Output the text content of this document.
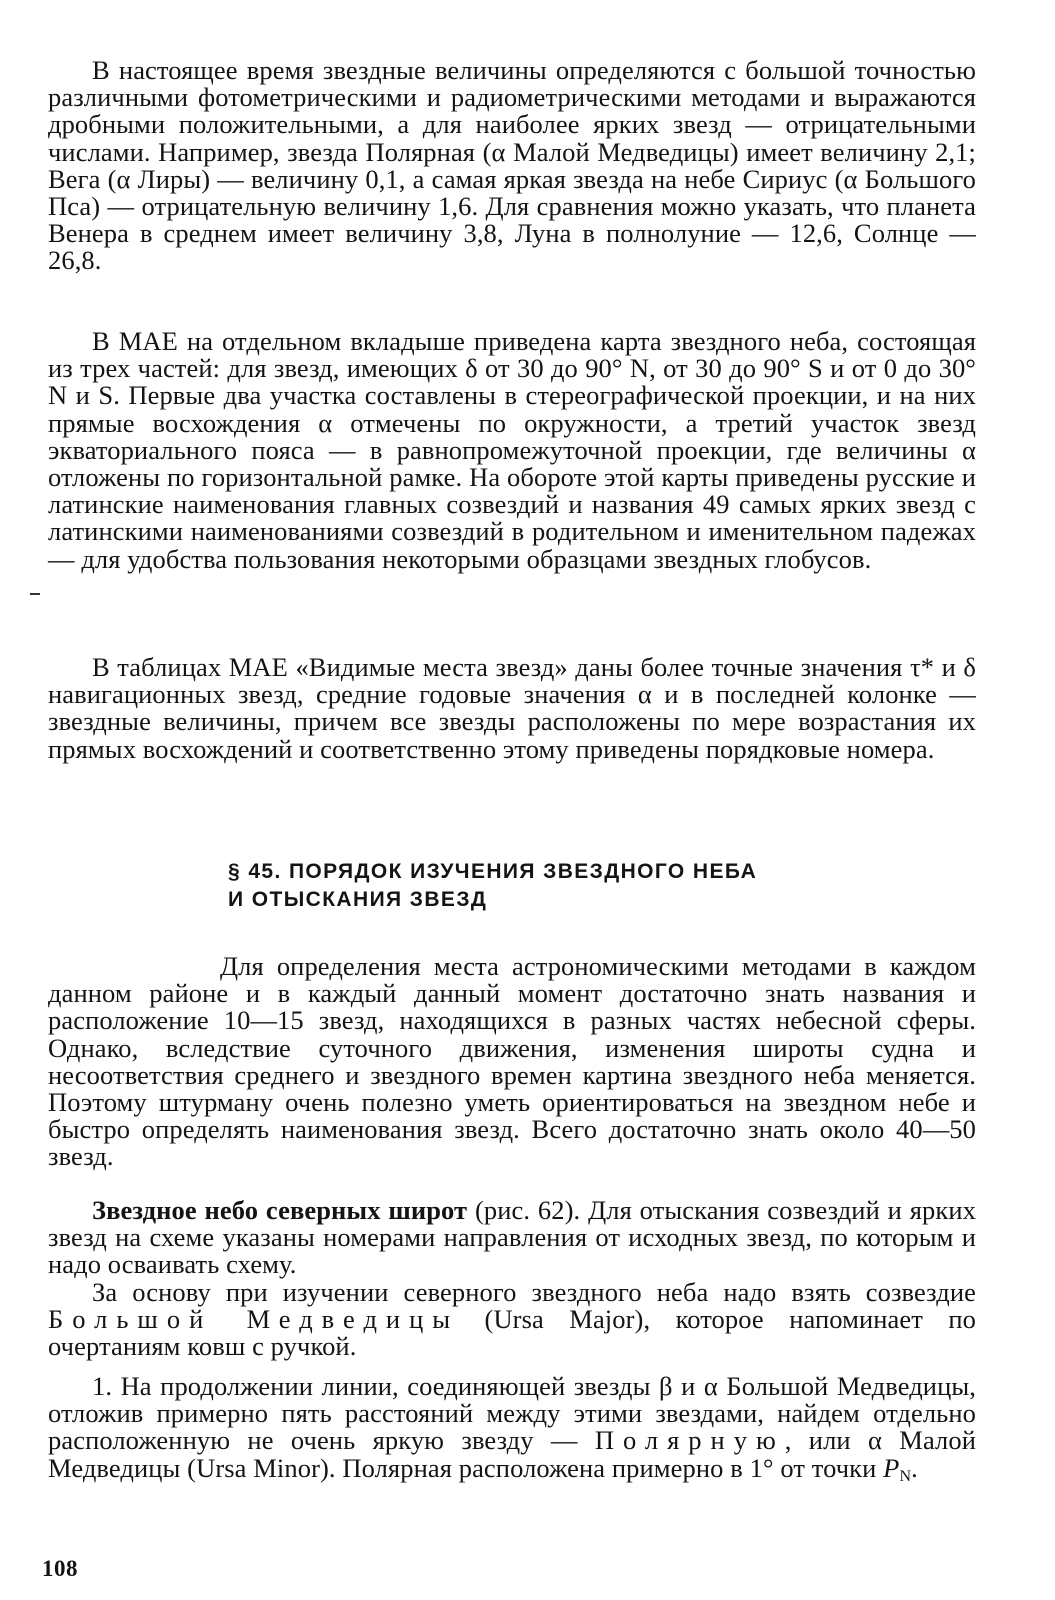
В настоящее время звездные величины определяются с большой точностью различными фотометрическими и радиометрическими методами и выражаются дробными положительными, а для наиболее ярких звезд — отрицательными числами. Например, звезда Полярная (α Малой Медведицы) имеет величину 2,1; Вега (α Лиры) — величину 0,1, а самая яркая звезда на небе Сириус (α Большого Пса) — отрицательную величину 1,6. Для сравнения можно указать, что планета Венера в среднем имеет величину 3,8, Луна в полнолуние — 12,6, Солнце — 26,8.

В МАЕ на отдельном вкладыше приведена карта звездного неба, состоящая из трех частей: для звезд, имеющих δ от 30 до 90° N, от 30 до 90° S и от 0 до 30° N и S. Первые два участка составлены в стереографической проекции, и на них прямые восхождения α отмечены по окружности, а третий участок звезд экваториального пояса — в равнопромежуточной проекции, где величины α отложены по горизонтальной рамке. На обороте этой карты приведены русские и латинские наименования главных созвездий и названия 49 самых ярких звезд с латинскими наименованиями созвездий в родительном и именительном падежах — для удобства пользования некоторыми образцами звездных глобусов.

В таблицах МАЕ «Видимые места звезд» даны более точные значения τ* и δ навигационных звезд, средние годовые значения α и в последней колонке — звездные величины, причем все звезды расположены по мере возрастания их прямых восхождений и соответственно этому приведены порядковые номера.

§ 45. ПОРЯДОК ИЗУЧЕНИЯ ЗВЕЗДНОГО НЕБА
И ОТЫСКАНИЯ ЗВЕЗД

Для определения места астрономическими методами в каждом данном районе и в каждый данный момент достаточно знать названия и расположение 10—15 звезд, находящихся в разных частях небесной сферы. Однако, вследствие суточного движения, изменения широты судна и несоответствия среднего и звездного времен картина звездного неба меняется. Поэтому штурману очень полезно уметь ориентироваться на звездном небе и быстро определять наименования звезд. Всего достаточно знать около 40—50 звезд.

Звездное небо северных широт (рис. 62). Для отыскания созвездий и ярких звезд на схеме указаны номерами направления от исходных звезд, по которым и надо осваивать схему.

За основу при изучении северного звездного неба надо взять созвездие Большой Медведицы (Ursa Major), которое напоминает по очертаниям ковш с ручкой.

1. На продолжении линии, соединяющей звезды β и α Большой Медведицы, отложив примерно пять расстояний между этими звездами, найдем отдельно расположенную не очень яркую звезду — Полярную, или α Малой Медведицы (Ursa Minor). Полярная расположена примерно в 1° от точки $P_N$.

108
